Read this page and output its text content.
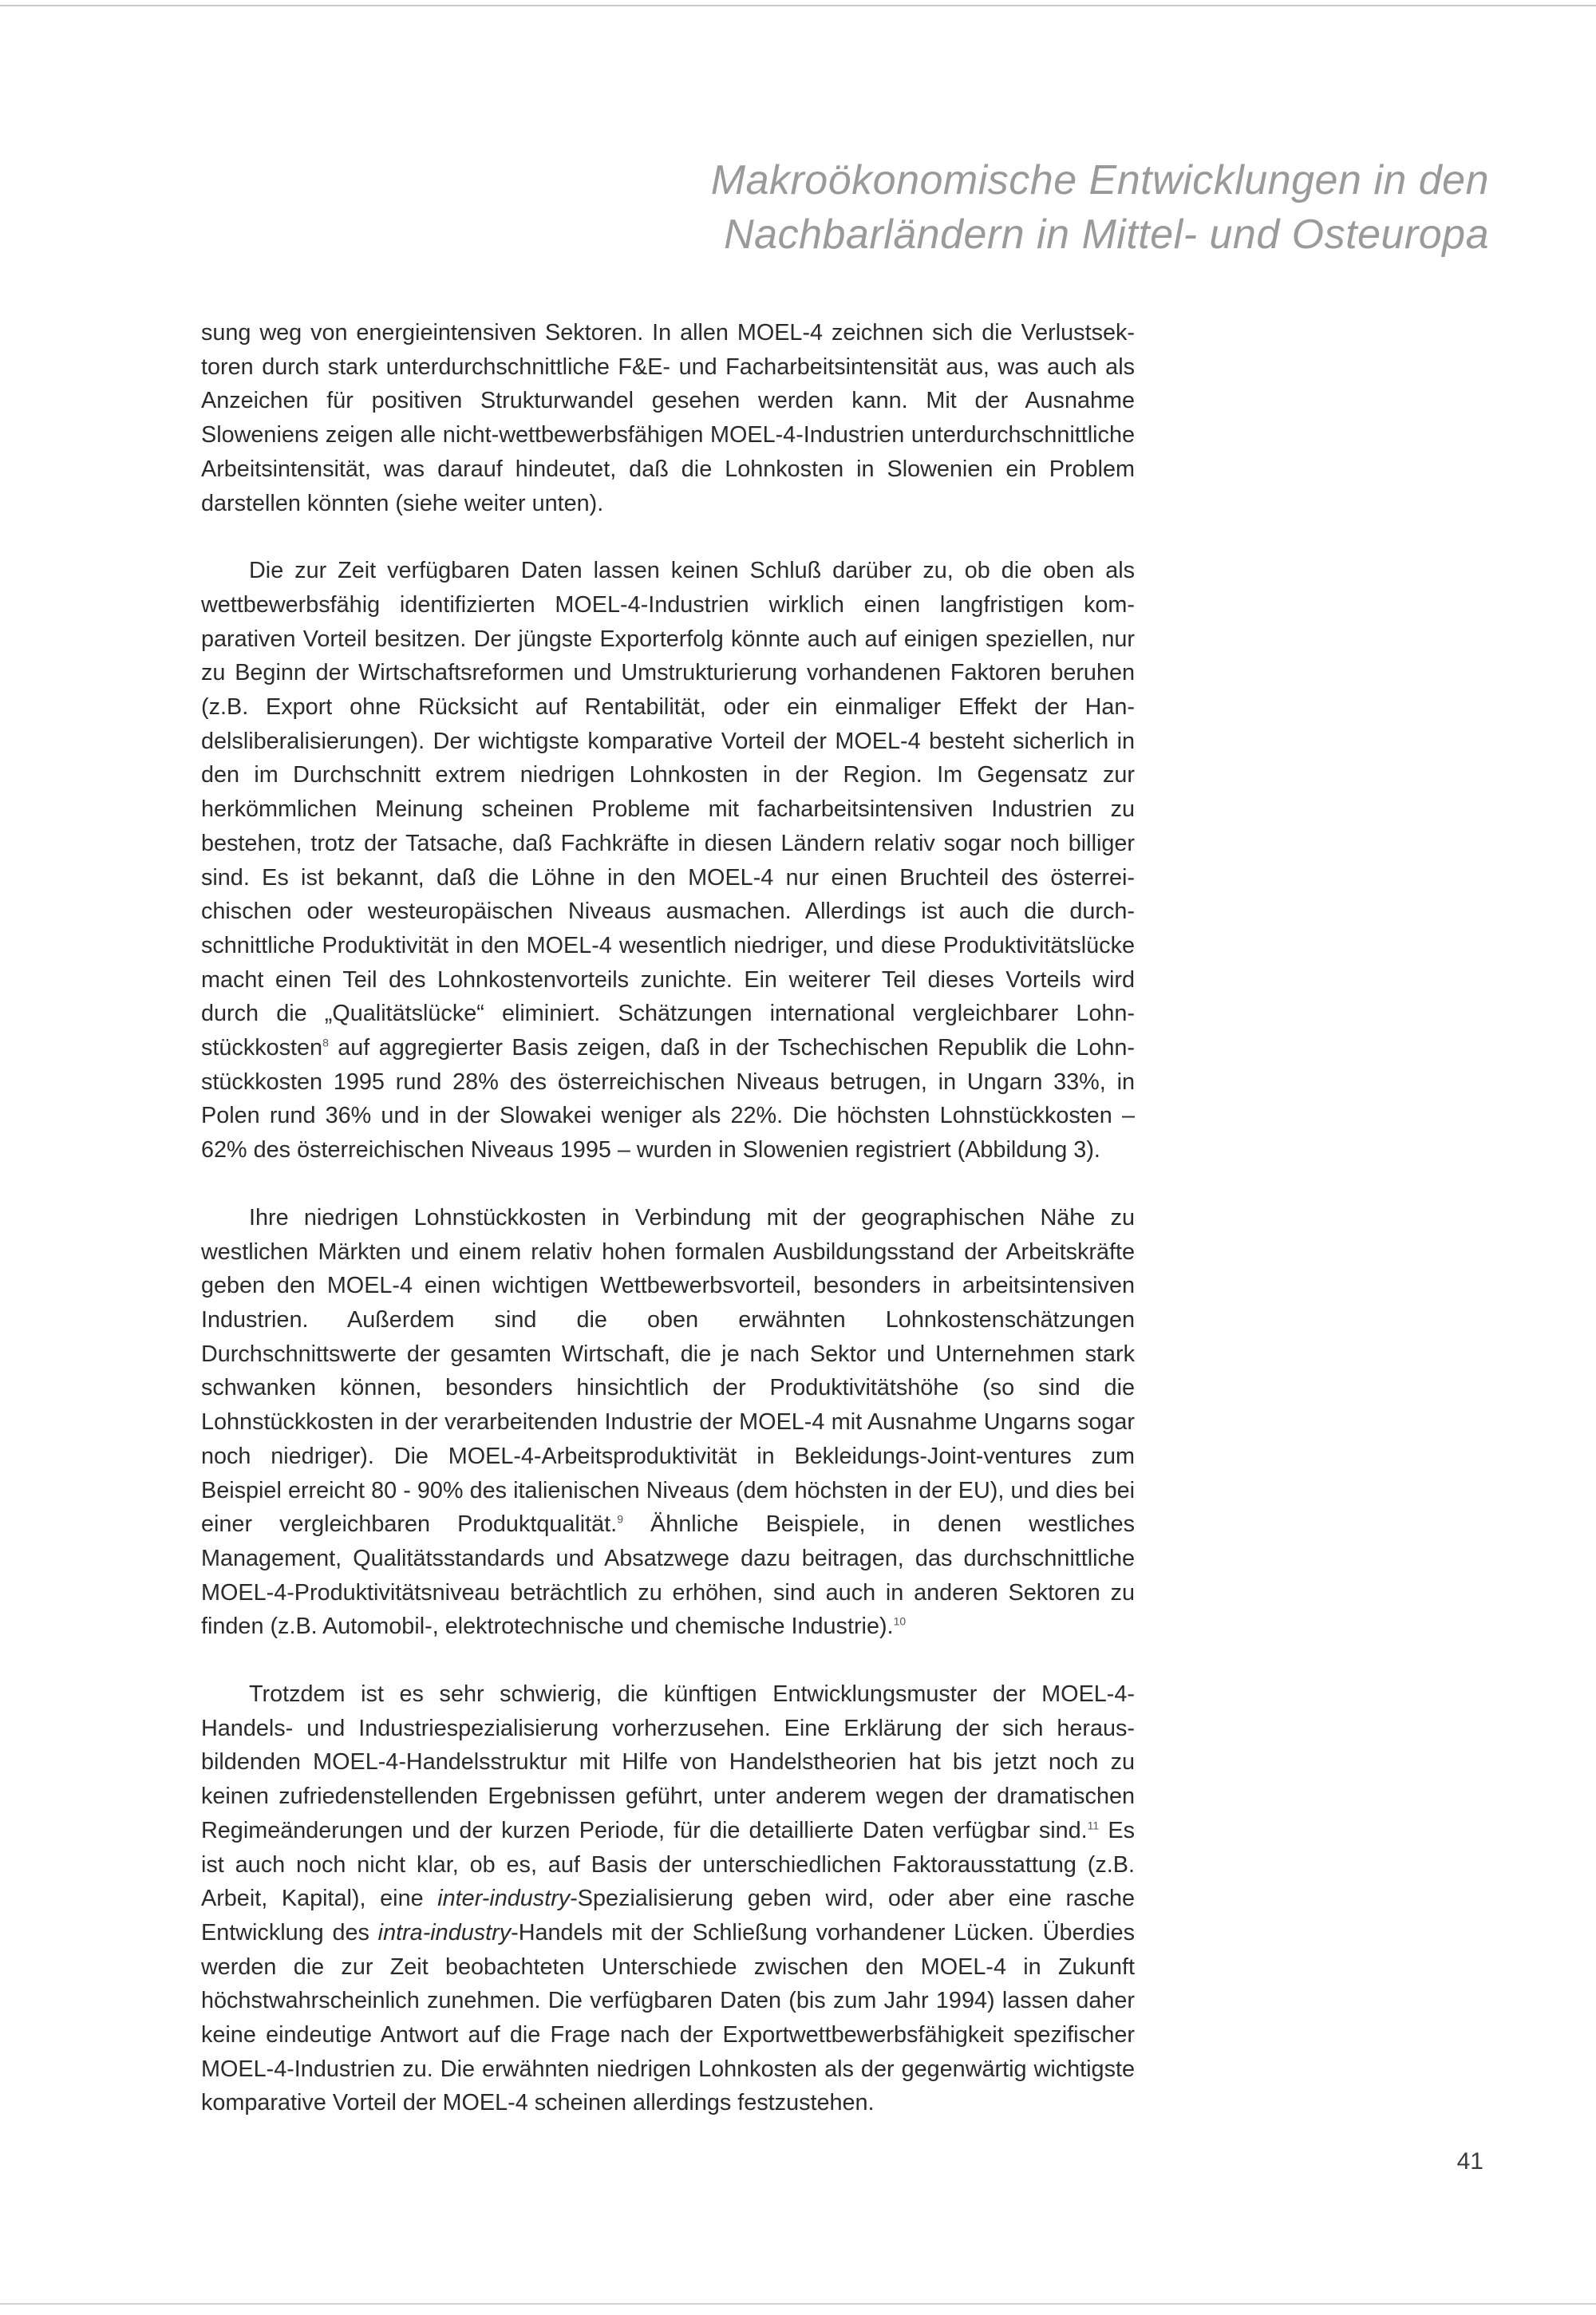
Makroökonomische Entwicklungen in den
Nachbarländern in Mittel- und Osteuropa

sung weg von energieintensiven Sektoren. In allen MOEL-4 zeichnen sich die Verlustsektoren durch stark unterdurchschnittliche F&E- und Facharbeitsintensität aus, was auch als Anzeichen für positiven Strukturwandel gesehen werden kann. Mit der Ausnahme Sloweniens zeigen alle nicht-wettbewerbsfähigen MOEL-4-Industrien unterdurchschnittliche Arbeitsintensität, was darauf hindeutet, daß die Lohnkosten in Slowenien ein Problem darstellen könnten (siehe weiter unten).

Die zur Zeit verfügbaren Daten lassen keinen Schluß darüber zu, ob die oben als wettbewerbsfähig identifizierten MOEL-4-Industrien wirklich einen langfristigen komparativen Vorteil besitzen. Der jüngste Exporterfolg könnte auch auf einigen speziellen, nur zu Beginn der Wirtschaftsreformen und Umstrukturierung vorhandenen Faktoren beruhen (z.B. Export ohne Rücksicht auf Rentabilität, oder ein einmaliger Effekt der Handelsliberalisierungen). Der wichtigste komparative Vorteil der MOEL-4 besteht sicherlich in den im Durchschnitt extrem niedrigen Lohnkosten in der Region. Im Gegensatz zur herkömmlichen Meinung scheinen Probleme mit facharbeitsintensiven Industrien zu bestehen, trotz der Tatsache, daß Fachkräfte in diesen Ländern relativ sogar noch billiger sind. Es ist bekannt, daß die Löhne in den MOEL-4 nur einen Bruchteil des österreichischen oder westeuropäischen Niveaus ausmachen. Allerdings ist auch die durchschnittliche Produktivität in den MOEL-4 wesentlich niedriger, und diese Produktivitätslücke macht einen Teil des Lohnkostenvorteils zunichte. Ein weiterer Teil dieses Vorteils wird durch die „Qualitätslücke“ eliminiert. Schätzungen international vergleichbarer Lohnstückkosten$^8$ auf aggregierter Basis zeigen, daß in der Tschechischen Republik die Lohnstückkosten 1995 rund 28% des österreichischen Niveaus betrugen, in Ungarn 33%, in Polen rund 36% und in der Slowakei weniger als 22%. Die höchsten Lohnstückkosten – 62% des österreichischen Niveaus 1995 – wurden in Slowenien registriert (Abbildung 3).

Ihre niedrigen Lohnstückkosten in Verbindung mit der geographischen Nähe zu westlichen Märkten und einem relativ hohen formalen Ausbildungsstand der Arbeitskräfte geben den MOEL-4 einen wichtigen Wettbewerbsvorteil, besonders in arbeitsintensiven Industrien. Außerdem sind die oben erwähnten Lohnkostenschätzungen Durchschnittswerte der gesamten Wirtschaft, die je nach Sektor und Unternehmen stark schwanken können, besonders hinsichtlich der Produktivitätshöhe (so sind die Lohnstückkosten in der verarbeitenden Industrie der MOEL-4 mit Ausnahme Ungarns sogar noch niedriger). Die MOEL-4-Arbeitsproduktivität in Bekleidungs-Joint-ventures zum Beispiel erreicht 80 - 90% des italienischen Niveaus (dem höchsten in der EU), und dies bei einer vergleichbaren Produktqualität.$^9$ Ähnliche Beispiele, in denen westliches Management, Qualitätsstandards und Absatzwege dazu beitragen, das durchschnittliche MOEL-4-Produktivitätsniveau beträchtlich zu erhöhen, sind auch in anderen Sektoren zu finden (z.B. Automobil-, elektrotechnische und chemische Industrie).$^{10}$

Trotzdem ist es sehr schwierig, die künftigen Entwicklungsmuster der MOEL-4-Handels- und Industriespezialisierung vorherzusehen. Eine Erklärung der sich herausbildenden MOEL-4-Handelsstruktur mit Hilfe von Handelstheorien hat bis jetzt noch zu keinen zufriedenstellenden Ergebnissen geführt, unter anderem wegen der dramatischen Regimeänderungen und der kurzen Periode, für die detaillierte Daten verfügbar sind.$^{11}$ Es ist auch noch nicht klar, ob es, auf Basis der unterschiedlichen Faktorausstattung (z.B. Arbeit, Kapital), eine inter-industry-Spezialisierung geben wird, oder aber eine rasche Entwicklung des intra-industry-Handels mit der Schließung vorhandener Lücken. Überdies werden die zur Zeit beobachteten Unterschiede zwischen den MOEL-4 in Zukunft höchstwahrscheinlich zunehmen. Die verfügbaren Daten (bis zum Jahr 1994) lassen daher keine eindeutige Antwort auf die Frage nach der Exportwettbewerbsfähigkeit spezifischer MOEL-4-Industrien zu. Die erwähnten niedrigen Lohnkosten als der gegenwärtig wichtigste komparative Vorteil der MOEL-4 scheinen allerdings festzustehen.

41
